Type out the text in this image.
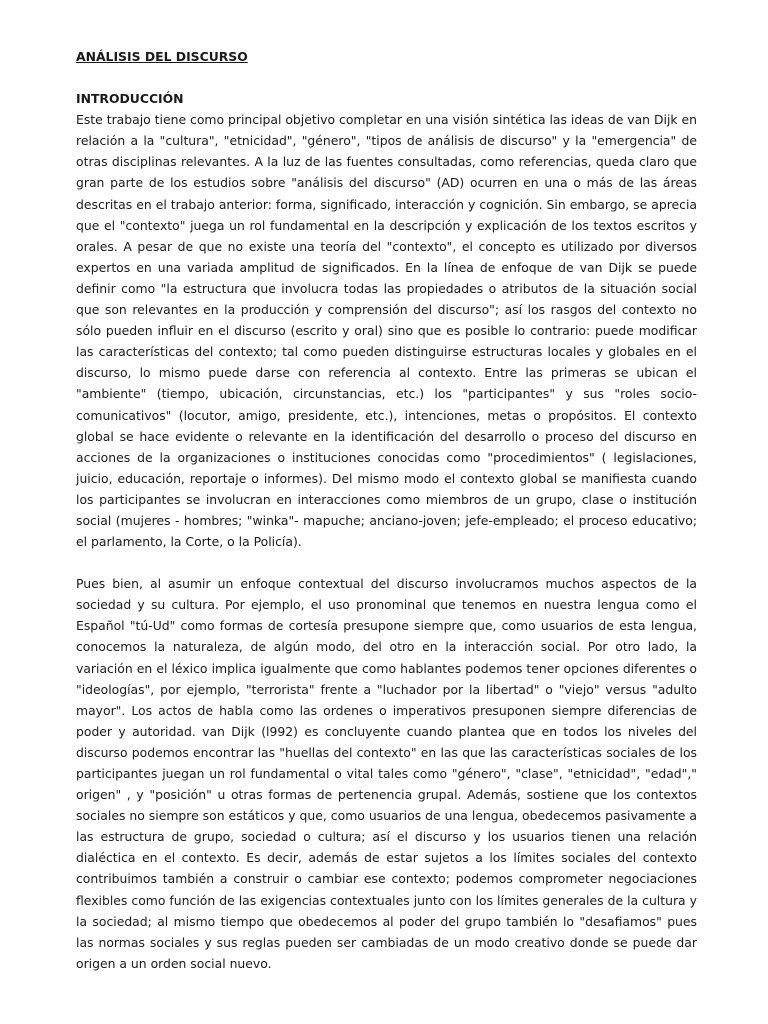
ANÁLISIS DEL DISCURSO
INTRODUCCIÓN

Este trabajo tiene como principal objetivo completar en una visión sintética las ideas de van Dijk en relación a la "cultura", "etnicidad", "género", "tipos de análisis de discurso" y la "emergencia" de otras disciplinas relevantes. A la luz de las fuentes consultadas, como referencias, queda claro que gran parte de los estudios sobre "análisis del discurso" (AD) ocurren en una o más de las áreas descritas en el trabajo anterior: forma, significado, interacción y cognición. Sin embargo, se aprecia que el "contexto" juega un rol fundamental en la descripción y explicación de los textos escritos y orales. A pesar de que no existe una teoría del "contexto", el concepto es utilizado por diversos expertos en una variada amplitud de significados. En la línea de enfoque de van Dijk se puede definir como "la estructura que involucra todas las propiedades o atributos de la situación social que son relevantes en la producción y comprensión del discurso"; así los rasgos del contexto no sólo pueden influir en el discurso (escrito y oral) sino que es posible lo contrario: puede modificar las características del contexto; tal como pueden distinguirse estructuras locales y globales en el discurso, lo mismo puede darse con referencia al contexto. Entre las primeras se ubican el "ambiente" (tiempo, ubicación, circunstancias, etc.) los "participantes" y sus "roles socio-comunicativos" (locutor, amigo, presidente, etc.), intenciones, metas o propósitos. El contexto global se hace evidente o relevante en la identificación del desarrollo o proceso del discurso en acciones de la organizaciones o instituciones conocidas como "procedimientos" ( legislaciones, juicio, educación, reportaje o informes). Del mismo modo el contexto global se manifiesta cuando los participantes se involucran en interacciones como miembros de un grupo, clase o institución social (mujeres - hombres; "winka"- mapuche; anciano-joven; jefe-empleado; el proceso educativo; el parlamento, la Corte, o la Policía).

Pues bien, al asumir un enfoque contextual del discurso involucramos muchos aspectos de la sociedad y su cultura. Por ejemplo, el uso pronominal que tenemos en nuestra lengua como el Español "tú-Ud" como formas de cortesía presupone siempre que, como usuarios de esta lengua, conocemos la naturaleza, de algún modo, del otro en la interacción social. Por otro lado, la variación en el léxico implica igualmente que como hablantes podemos tener opciones diferentes o "ideologías", por ejemplo, "terrorista" frente a "luchador por la libertad" o "viejo" versus "adulto mayor". Los actos de habla como las ordenes o imperativos presuponen siempre diferencias de poder y autoridad. van Dijk (l992) es concluyente cuando plantea que en todos los niveles del discurso podemos encontrar las "huellas del contexto" en las que las características sociales de los participantes juegan un rol fundamental o vital tales como "género", "clase", "etnicidad", "edad"," origen" , y "posición" u otras formas de pertenencia grupal. Además, sostiene que los contextos sociales no siempre son estáticos y que, como usuarios de una lengua, obedecemos pasivamente a las estructura de grupo, sociedad o cultura; así el discurso y los usuarios tienen una relación dialéctica en el contexto. Es decir, además de estar sujetos a los límites sociales del contexto contribuimos también a construir o cambiar ese contexto; podemos comprometer negociaciones flexibles como función de las exigencias contextuales junto con los límites generales de la cultura y la sociedad; al mismo tiempo que obedecemos al poder del grupo también lo "desafiamos" pues las normas sociales y sus reglas pueden ser cambiadas de un modo creativo donde se puede dar origen a un orden social nuevo.
